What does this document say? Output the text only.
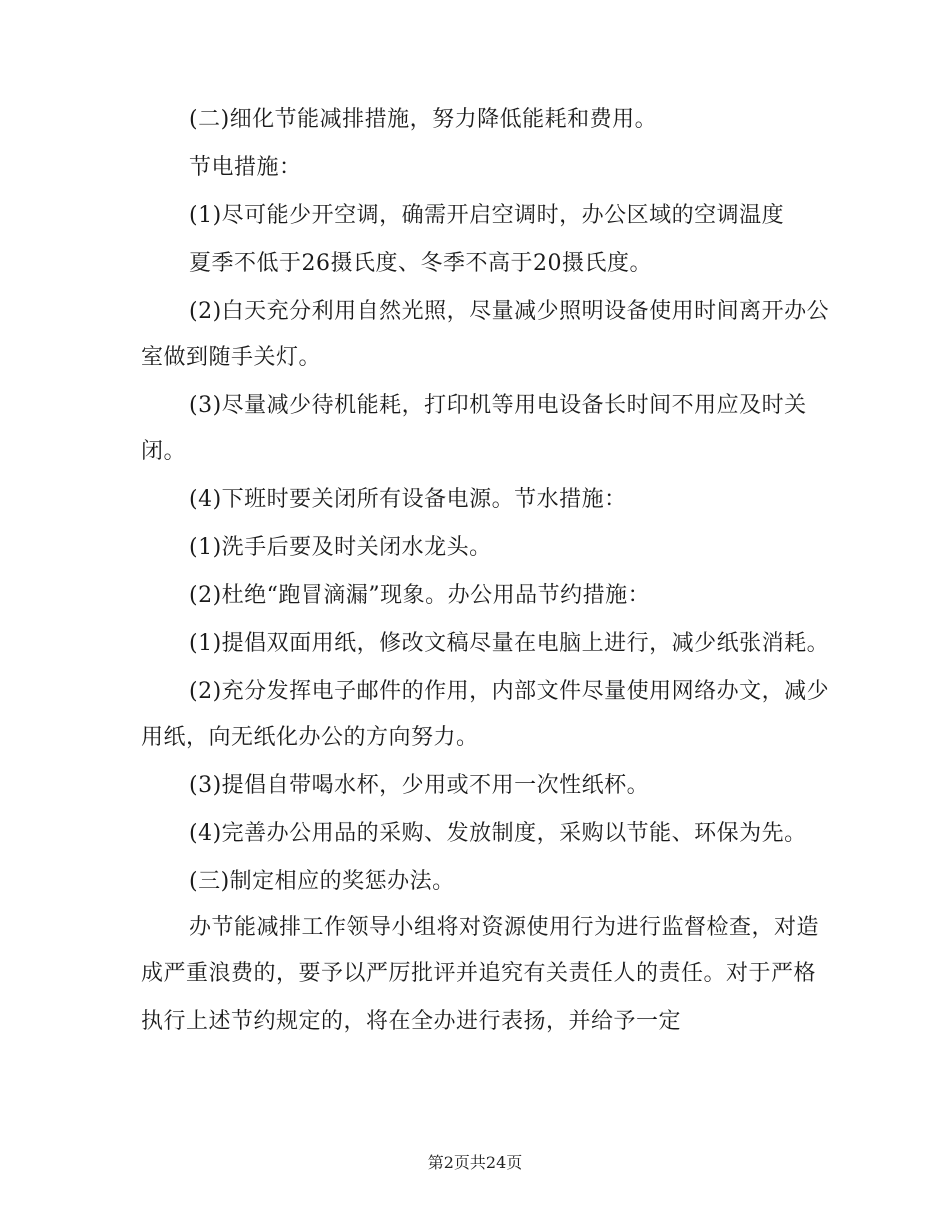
(二)细化节能减排措施，努力降低能耗和费用。
节电措施：
(1)尽可能少开空调，确需开启空调时，办公区域的空调温度
夏季不低于26摄氏度、冬季不高于20摄氏度。
(2)白天充分利用自然光照，尽量减少照明设备使用时间离开办公
室做到随手关灯。
(3)尽量减少待机能耗，打印机等用电设备长时间不用应及时关
闭。
(4)下班时要关闭所有设备电源。节水措施：
(1)洗手后要及时关闭水龙头。
(2)杜绝“跑冒滴漏”现象。办公用品节约措施：
(1)提倡双面用纸，修改文稿尽量在电脑上进行，减少纸张消耗。
(2)充分发挥电子邮件的作用，内部文件尽量使用网络办文，减少
用纸，向无纸化办公的方向努力。
(3)提倡自带喝水杯，少用或不用一次性纸杯。
(4)完善办公用品的采购、发放制度，采购以节能、环保为先。
(三)制定相应的奖惩办法。
办节能减排工作领导小组将对资源使用行为进行监督检查，对造
成严重浪费的，要予以严厉批评并追究有关责任人的责任。对于严格
执行上述节约规定的，将在全办进行表扬，并给予一定
第2页共24页
